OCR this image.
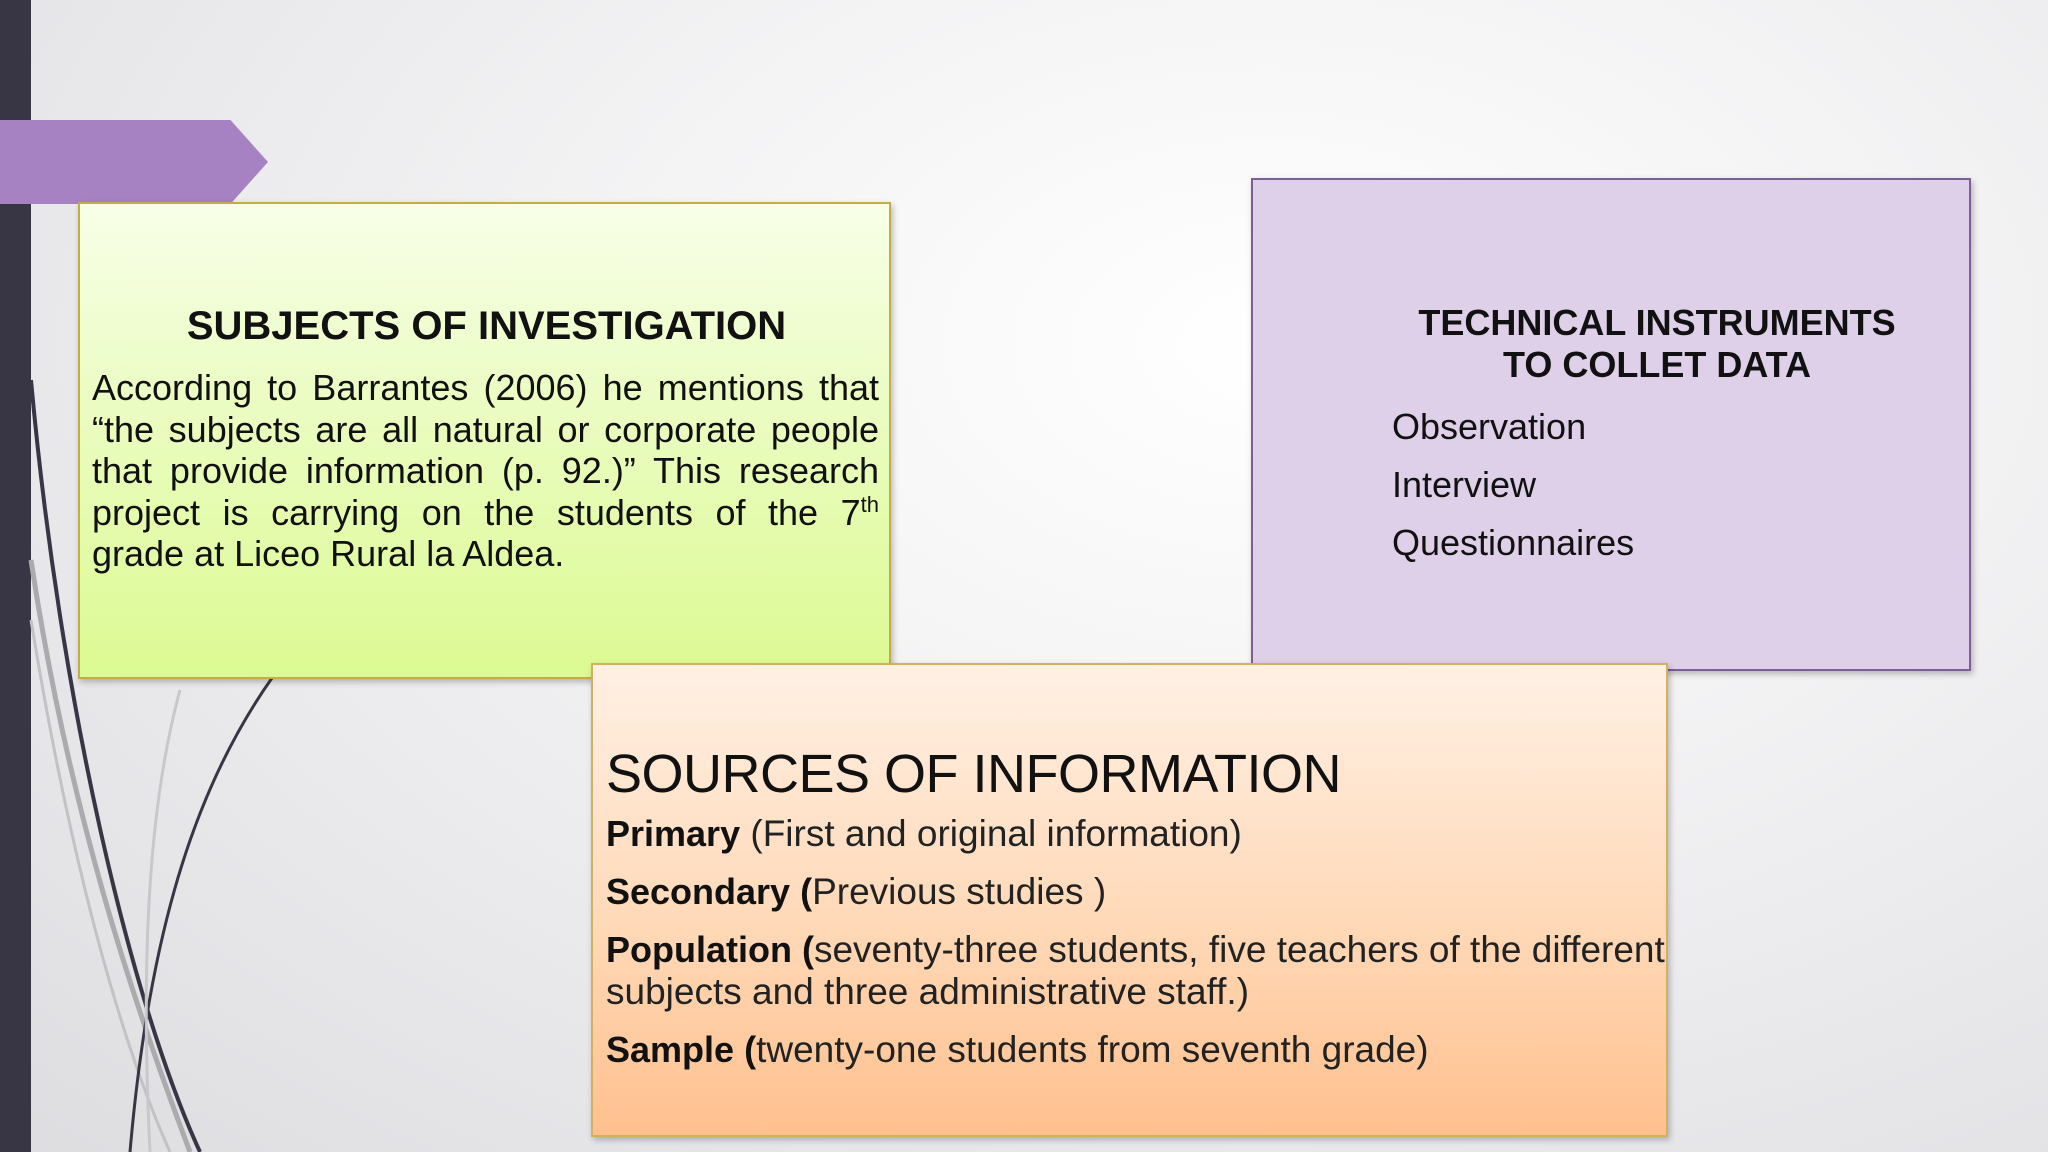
SUBJECTS OF INVESTIGATION

According to Barrantes (2006) he mentions that “the subjects are all natural or corporate people that provide information (p. 92.)” This research project is carrying on the students of the 7th grade at Liceo Rural la Aldea.

TECHNICAL INSTRUMENTS
TO COLLET DATA
Observation
Interview
Questionnaires
SOURCES OF INFORMATION
Primary (First and original information)
Secondary (Previous studies )
Population (seventy-three students, five teachers of the different
subjects and three administrative staff.)
Sample (twenty-one students from seventh grade)
